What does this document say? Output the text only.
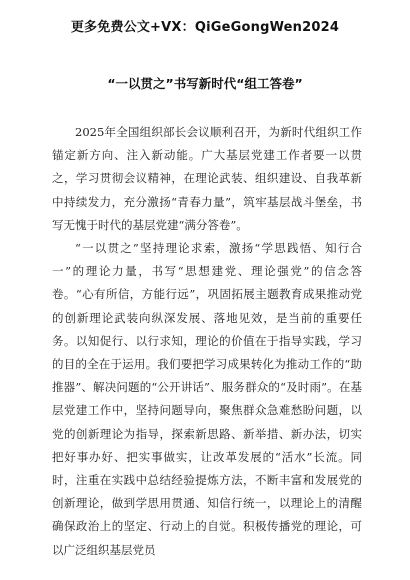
更多免费公文+VX：QiGeGongWen2024
“一以贯之”书写新时代“组工答卷”

2025年全国组织部长会议顺利召开，为新时代组织工作锚定新方向、注入新动能。广大基层党建工作者要一以贯之，学习贯彻会议精神，在理论武装、组织建设、自我革新中持续发力，充分激扬“青春力量”，筑牢基层战斗堡垒，书写无愧于时代的基层党建“满分答卷”。

“一以贯之”坚持理论求索，激扬“学思践悟、知行合一”的理论力量，书写“思想建党、理论强党”的信念答卷。“心有所信，方能行远”，巩固拓展主题教育成果推动党的创新理论武装向纵深发展、落地见效，是当前的重要任务。以知促行、以行求知，理论的价值在于指导实践，学习的目的全在于运用。我们要把学习成果转化为推动工作的“助推器”、解决问题的“公开讲话”、服务群众的“及时雨”。在基层党建工作中，坚持问题导向，聚焦群众急难愁盼问题，以党的创新理论为指导，探索新思路、新举措、新办法，切实把好事办好、把实事做实，让改革发展的“活水”长流。同时，注重在实践中总结经验提炼方法，不断丰富和发展党的创新理论，做到学思用贯通、知信行统一，以理论上的清醒确保政治上的坚定、行动上的自觉。积极传播党的理论，可以广泛组织基层党员
